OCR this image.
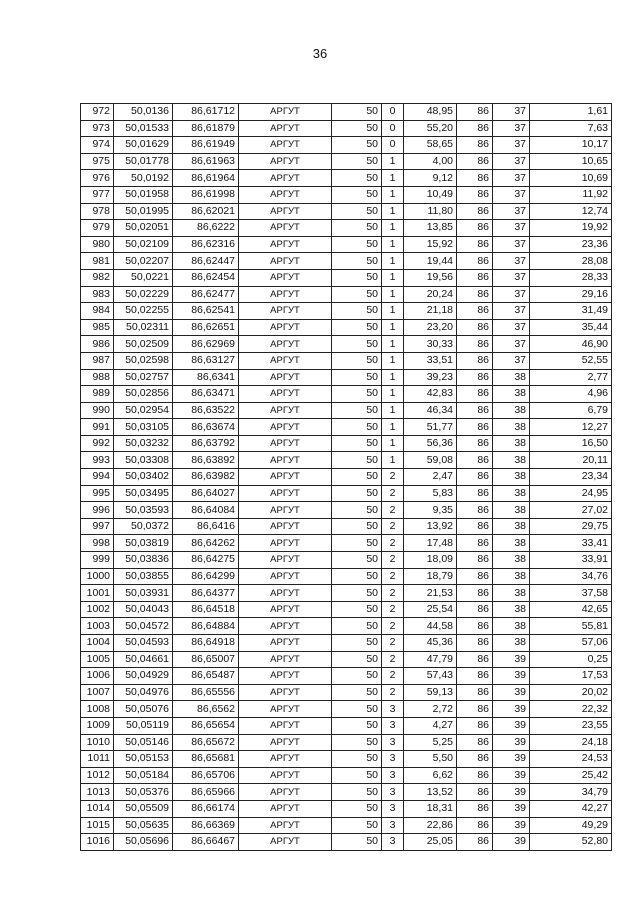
36
972	50,0136	86,61712	АРГУТ	50	0	48,95	86	37	1,61
973	50,01533	86,61879	АРГУТ	50	0	55,20	86	37	7,63
974	50,01629	86,61949	АРГУТ	50	0	58,65	86	37	10,17
975	50,01778	86,61963	АРГУТ	50	1	4,00	86	37	10,65
976	50,0192	86,61964	АРГУТ	50	1	9,12	86	37	10,69
977	50,01958	86,61998	АРГУТ	50	1	10,49	86	37	11,92
978	50,01995	86,62021	АРГУТ	50	1	11,80	86	37	12,74
979	50,02051	86,6222	АРГУТ	50	1	13,85	86	37	19,92
980	50,02109	86,62316	АРГУТ	50	1	15,92	86	37	23,36
981	50,02207	86,62447	АРГУТ	50	1	19,44	86	37	28,08
982	50,0221	86,62454	АРГУТ	50	1	19,56	86	37	28,33
983	50,02229	86,62477	АРГУТ	50	1	20,24	86	37	29,16
984	50,02255	86,62541	АРГУТ	50	1	21,18	86	37	31,49
985	50,02311	86,62651	АРГУТ	50	1	23,20	86	37	35,44
986	50,02509	86,62969	АРГУТ	50	1	30,33	86	37	46,90
987	50,02598	86,63127	АРГУТ	50	1	33,51	86	37	52,55
988	50,02757	86,6341	АРГУТ	50	1	39,23	86	38	2,77
989	50,02856	86,63471	АРГУТ	50	1	42,83	86	38	4,96
990	50,02954	86,63522	АРГУТ	50	1	46,34	86	38	6,79
991	50,03105	86,63674	АРГУТ	50	1	51,77	86	38	12,27
992	50,03232	86,63792	АРГУТ	50	1	56,36	86	38	16,50
993	50,03308	86,63892	АРГУТ	50	1	59,08	86	38	20,11
994	50,03402	86,63982	АРГУТ	50	2	2,47	86	38	23,34
995	50,03495	86,64027	АРГУТ	50	2	5,83	86	38	24,95
996	50,03593	86,64084	АРГУТ	50	2	9,35	86	38	27,02
997	50,0372	86,6416	АРГУТ	50	2	13,92	86	38	29,75
998	50,03819	86,64262	АРГУТ	50	2	17,48	86	38	33,41
999	50,03836	86,64275	АРГУТ	50	2	18,09	86	38	33,91
1000	50,03855	86,64299	АРГУТ	50	2	18,79	86	38	34,76
1001	50,03931	86,64377	АРГУТ	50	2	21,53	86	38	37,58
1002	50,04043	86,64518	АРГУТ	50	2	25,54	86	38	42,65
1003	50,04572	86,64884	АРГУТ	50	2	44,58	86	38	55,81
1004	50,04593	86,64918	АРГУТ	50	2	45,36	86	38	57,06
1005	50,04661	86,65007	АРГУТ	50	2	47,79	86	39	0,25
1006	50,04929	86,65487	АРГУТ	50	2	57,43	86	39	17,53
1007	50,04976	86,65556	АРГУТ	50	2	59,13	86	39	20,02
1008	50,05076	86,6562	АРГУТ	50	3	2,72	86	39	22,32
1009	50,05119	86,65654	АРГУТ	50	3	4,27	86	39	23,55
1010	50,05146	86,65672	АРГУТ	50	3	5,25	86	39	24,18
1011	50,05153	86,65681	АРГУТ	50	3	5,50	86	39	24,53
1012	50,05184	86,65706	АРГУТ	50	3	6,62	86	39	25,42
1013	50,05376	86,65966	АРГУТ	50	3	13,52	86	39	34,79
1014	50,05509	86,66174	АРГУТ	50	3	18,31	86	39	42,27
1015	50,05635	86,66369	АРГУТ	50	3	22,86	86	39	49,29
1016	50,05696	86,66467	АРГУТ	50	3	25,05	86	39	52,80
